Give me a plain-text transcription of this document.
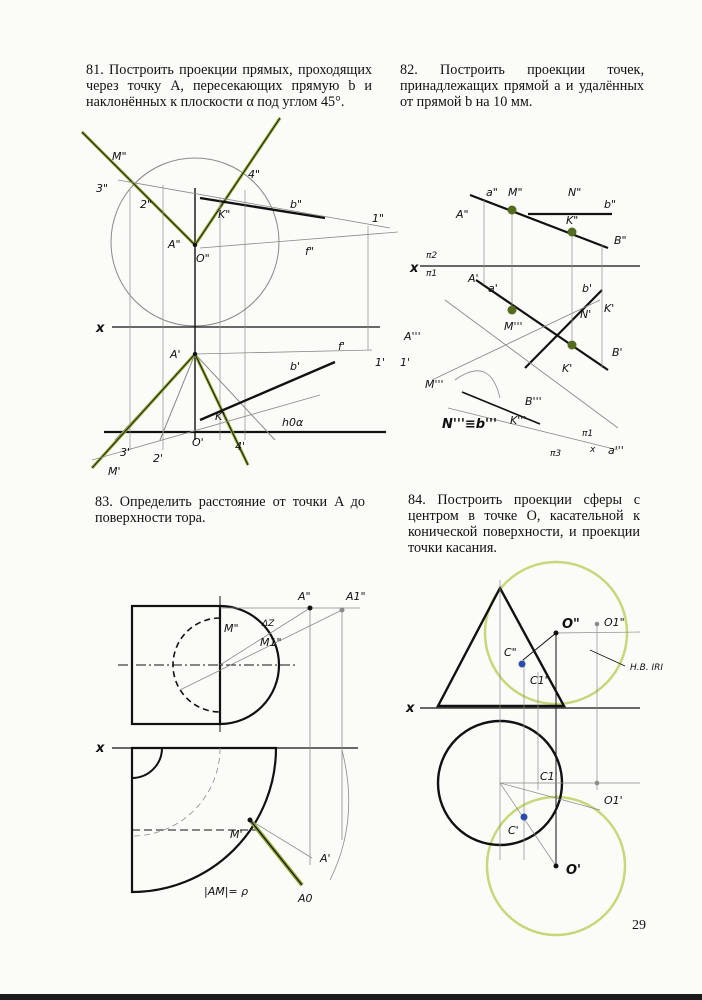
81. Построить проекции прямых, проходящих через точку A, пересекающих прямую b и наклонённых к плоскости α под углом 45°.
82. Построить проекции точек, принадлежащих прямой a и удалённых от прямой b на 10 мм.
83. Определить расстояние от точки A до поверхности тора.
84. Построить проекции сферы с центром в точке O, касательной к конической поверхности, и проекции точки касания.
M"
4"
3"
b"
K"
A"
O"
1"
f"
x
A'
f'
b'	1'
K'	h0α
3' 2'
O'	4'
M'
2"
a" M"	N"
b"
A"	K"
B"
π2
π1
x
A'
a'	b'
N' K'
M'''
B'
A'''
K'
M'''
1'
N'''≡b'''
B'''
K'''
π1
π3	a'''
x
A"	A1"
ΔZ
M"
M1"
x
M'
A'
A0
|AM|= ρ
O" O1"
C"
C1"
Н.В. IRI
x
C1'
C'
O1'
O'
29
